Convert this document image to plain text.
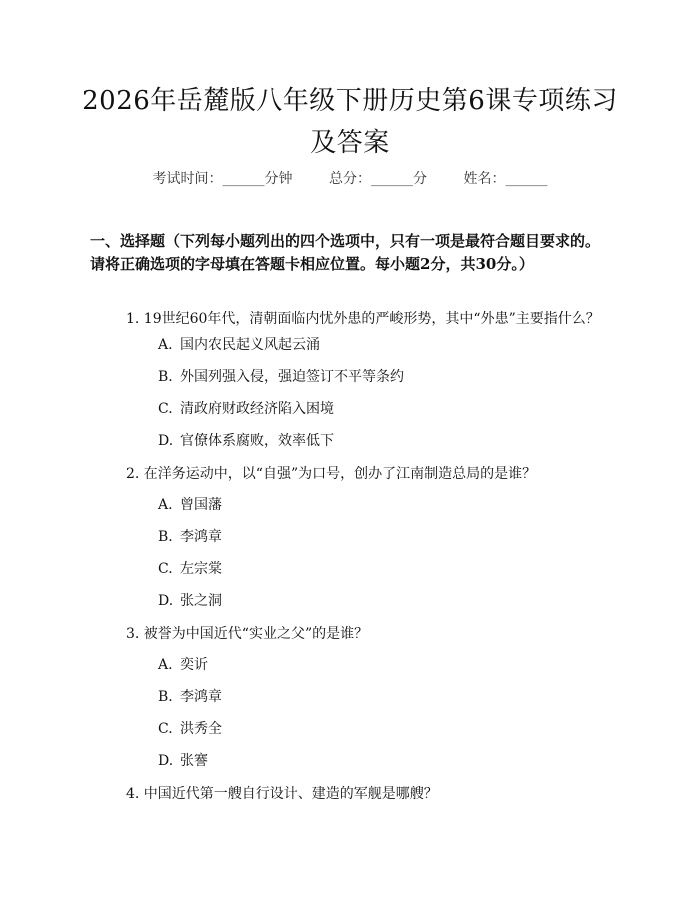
2026年岳麓版八年级下册历史第6课专项练习及答案
考试时间：______分钟	总分：______分	姓名：______
一、选择题（下列每小题列出的四个选项中，只有一项是最符合题目要求的。请将正确选项的字母填在答题卡相应位置。每小题2分，共30分。）

1. 19世纪60年代，清朝面临内忧外患的严峻形势，其中“外患”主要指什么？

A. 国内农民起义风起云涌
B. 外国列强入侵，强迫签订不平等条约
C. 清政府财政经济陷入困境
D. 官僚体系腐败，效率低下

2. 在洋务运动中，以“自强”为口号，创办了江南制造总局的是谁？

A. 曾国藩
B. 李鸿章
C. 左宗棠
D. 张之洞

3. 被誉为中国近代“实业之父”的是谁？

A. 奕䜣
B. 李鸿章
C. 洪秀全
D. 张謇

4. 中国近代第一艘自行设计、建造的军舰是哪艘？
